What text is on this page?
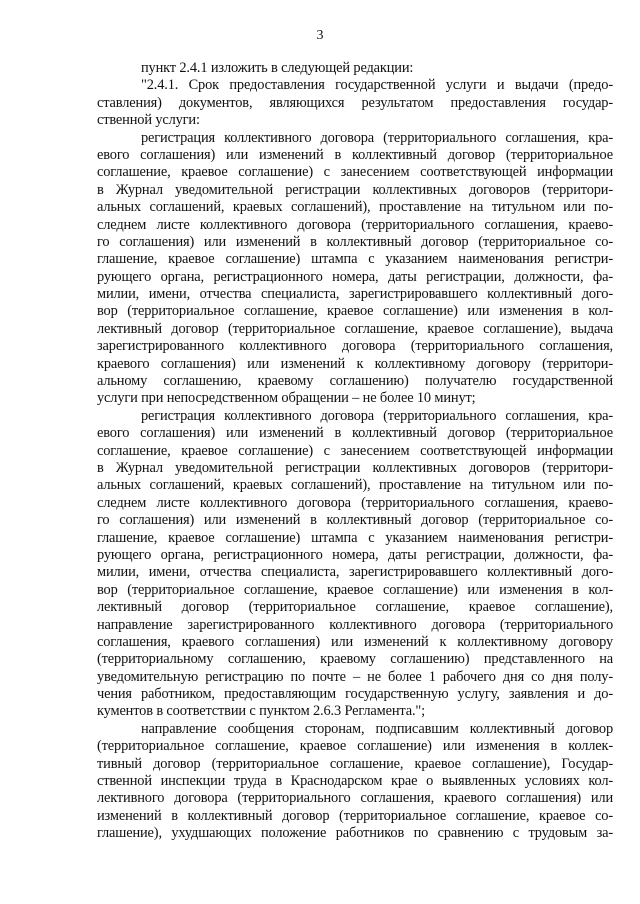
3
пункт 2.4.1 изложить в следующей редакции:
"2.4.1. Срок предоставления государственной услуги и выдачи (предо-
ставления) документов, являющихся результатом предоставления государ-
ственной услуги:
регистрация коллективного договора (территориального соглашения, кра-
евого соглашения) или изменений в коллективный договор (территориальное
соглашение, краевое соглашение) с занесением соответствующей информации
в Журнал уведомительной регистрации коллективных договоров (территори-
альных соглашений, краевых соглашений), проставление на титульном или по-
следнем листе коллективного договора (территориального соглашения, краево-
го соглашения) или изменений в коллективный договор (территориальное со-
глашение, краевое соглашение) штампа с указанием наименования регистри-
рующего органа, регистрационного номера, даты регистрации, должности, фа-
милии, имени, отчества специалиста, зарегистрировавшего коллективный дого-
вор (территориальное соглашение, краевое соглашение) или изменения в кол-
лективный договор (территориальное соглашение, краевое соглашение), выдача
зарегистрированного коллективного договора (территориального соглашения,
краевого соглашения) или изменений к коллективному договору (территори-
альному соглашению, краевому соглашению) получателю государственной
услуги при непосредственном обращении – не более 10 минут;
регистрация коллективного договора (территориального соглашения, кра-
евого соглашения) или изменений в коллективный договор (территориальное
соглашение, краевое соглашение) с занесением соответствующей информации
в Журнал уведомительной регистрации коллективных договоров (территори-
альных соглашений, краевых соглашений), проставление на титульном или по-
следнем листе коллективного договора (территориального соглашения, краево-
го соглашения) или изменений в коллективный договор (территориальное со-
глашение, краевое соглашение) штампа с указанием наименования регистри-
рующего органа, регистрационного номера, даты регистрации, должности, фа-
милии, имени, отчества специалиста, зарегистрировавшего коллективный дого-
вор (территориальное соглашение, краевое соглашение) или изменения в кол-
лективный договор (территориальное соглашение, краевое соглашение),
направление зарегистрированного коллективного договора (территориального
соглашения, краевого соглашения) или изменений к коллективному договору
(территориальному соглашению, краевому соглашению) представленного на
уведомительную регистрацию по почте – не более 1 рабочего дня со дня полу-
чения работником, предоставляющим государственную услугу, заявления и до-
кументов в соответствии с пунктом 2.6.3 Регламента.";
направление сообщения сторонам, подписавшим коллективный договор
(территориальное соглашение, краевое соглашение) или изменения в коллек-
тивный договор (территориальное соглашение, краевое соглашение), Государ-
ственной инспекции труда в Краснодарском крае о выявленных условиях кол-
лективного договора (территориального соглашения, краевого соглашения) или
изменений в коллективный договор (территориальное соглашение, краевое со-
глашение), ухудшающих положение работников по сравнению с трудовым за-
